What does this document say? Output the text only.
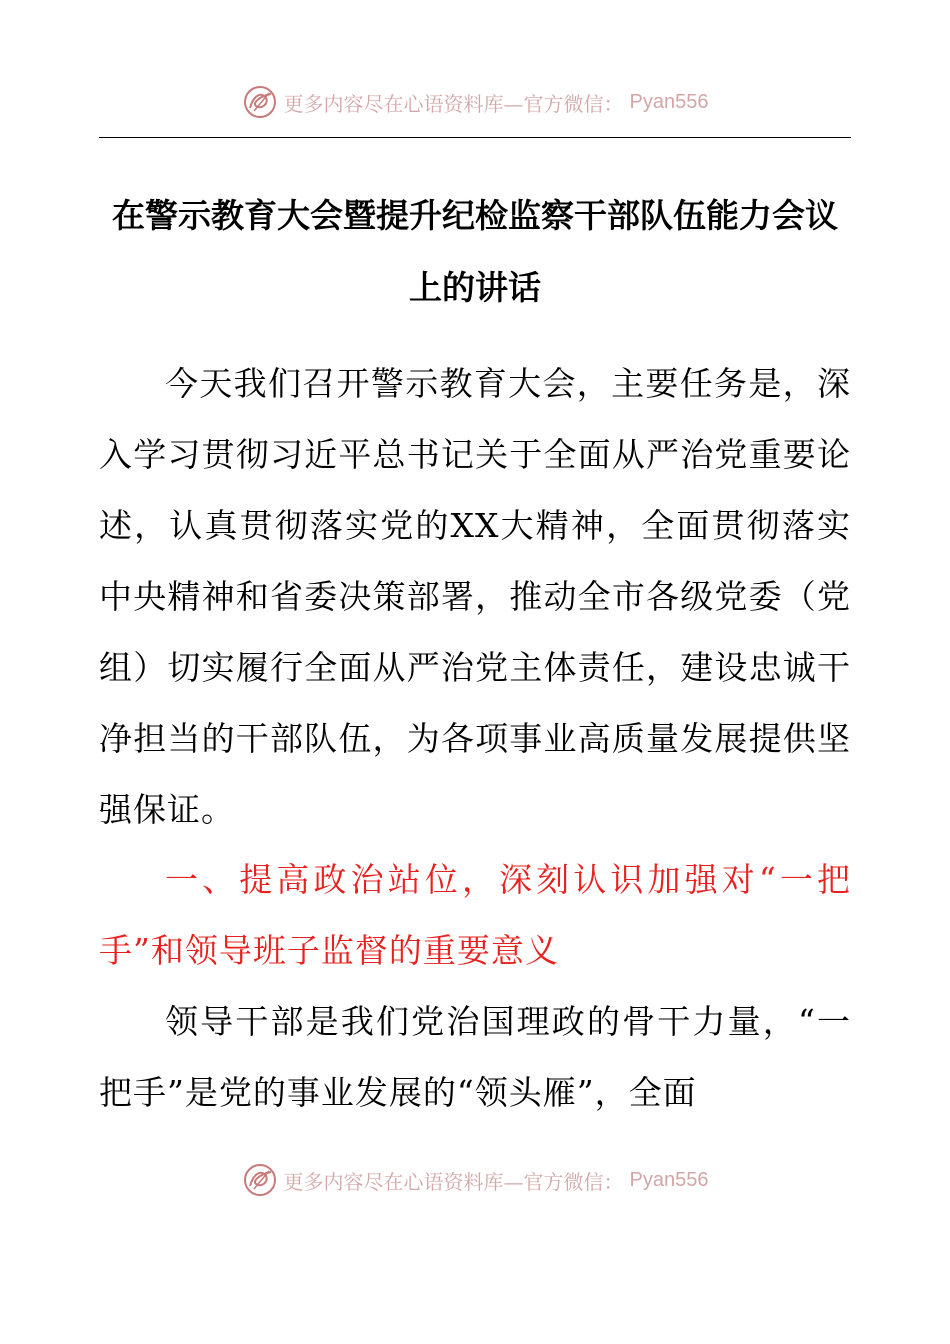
更多内容尽在心语资料库—官方微信： Pyan556
在警示教育大会暨提升纪检监察干部队伍能力会议上的讲话

今天我们召开警示教育大会，主要任务是，深入学习贯彻习近平总书记关于全面从严治党重要论述，认真贯彻落实党的XX大精神，全面贯彻落实中央精神和省委决策部署，推动全市各级党委（党组）切实履行全面从严治党主体责任，建设忠诚干净担当的干部队伍，为各项事业高质量发展提供坚强保证。

一、提高政治站位，深刻认识加强对“一把手”和领导班子监督的重要意义

领导干部是我们党治国理政的骨干力量，“一把手”是党的事业发展的“领头雁”，全面

更多内容尽在心语资料库—官方微信： Pyan556
